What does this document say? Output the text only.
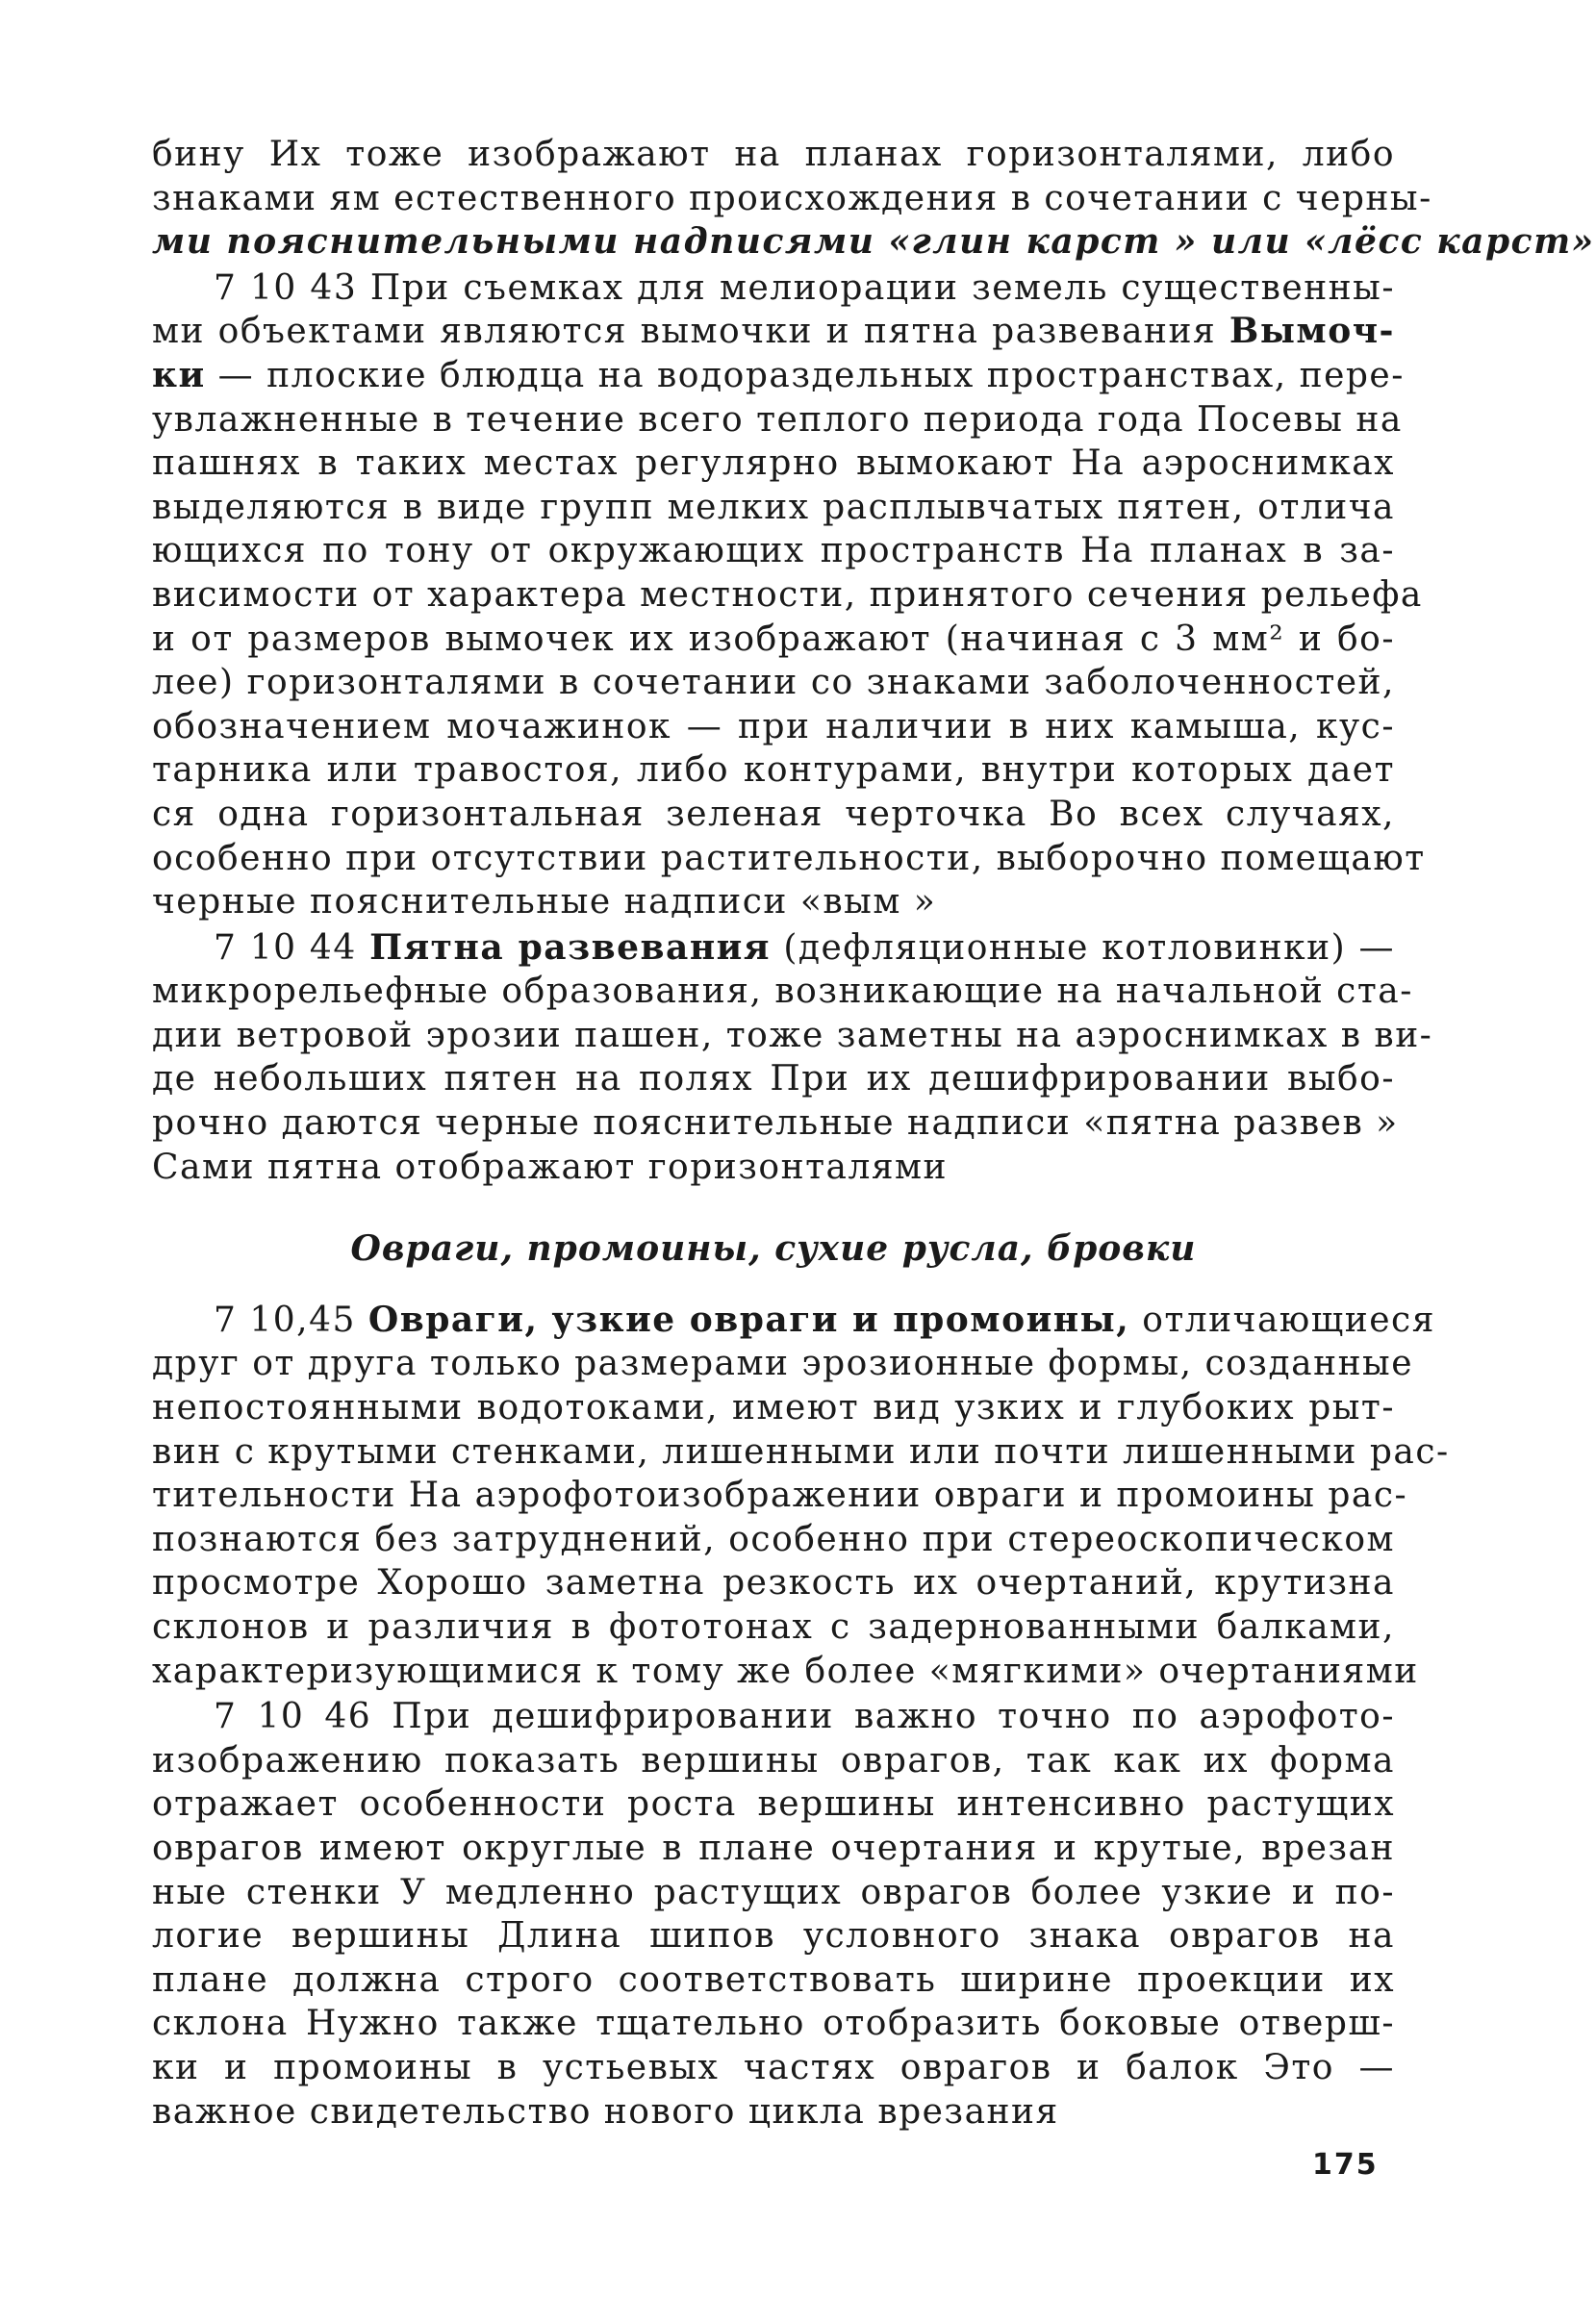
бину Их тоже изображают на планах горизонталями, либо
знаками ям естественного происхождения в сочетании с черны-
ми пояснительными надписями «глин карст » или «лёсс карст»
7 10 43 При съемках для мелиорации земель существенны-
ми объектами являются вымочки и пятна развевания Вымоч-
ки — плоские блюдца на водораздельных пространствах, пере-
увлажненные в течение всего теплого периода года Посевы на
пашнях в таких местах регулярно вымокают На аэроснимках
выделяются в виде групп мелких расплывчатых пятен, отлича
ющихся по тону от окружающих пространств На планах в за-
висимости от характера местности, принятого сечения рельефа
и от размеров вымочек их изображают (начиная с 3 мм² и бо-
лее) горизонталями в сочетании со знаками заболоченностей,
обозначением мочажинок — при наличии в них камыша, кус-
тарника или травостоя, либо контурами, внутри которых дает
ся одна горизонтальная зеленая черточка Во всех случаях,
особенно при отсутствии растительности, выборочно помещают
черные пояснительные надписи «вым »
7 10 44 Пятна развевания (дефляционные котловинки) —
микрорельефные образования, возникающие на начальной ста-
дии ветровой эрозии пашен, тоже заметны на аэроснимках в ви-
де небольших пятен на полях При их дешифрировании выбо-
рочно даются черные пояснительные надписи «пятна развев »
Сами пятна отображают горизонталями
Овраги, промоины, сухие русла, бровки
7 10,45 Овраги, узкие овраги и промоины, отличающиеся
друг от друга только размерами эрозионные формы, созданные
непостоянными водотоками, имеют вид узких и глубоких рыт-
вин с крутыми стенками, лишенными или почти лишенными рас-
тительности На аэрофотоизображении овраги и промоины рас-
познаются без затруднений, особенно при стереоскопическом
просмотре Хорошо заметна резкость их очертаний, крутизна
склонов и различия в фототонах с задернованными балками,
характеризующимися к тому же более «мягкими» очертаниями
7 10 46 При дешифрировании важно точно по аэрофото-
изображению показать вершины оврагов, так как их форма
отражает особенности роста вершины интенсивно растущих
оврагов имеют округлые в плане очертания и крутые, врезан
ные стенки У медленно растущих оврагов более узкие и по-
логие вершины Длина шипов условного знака оврагов на
плане должна строго соответствовать ширине проекции их
склона Нужно также тщательно отобразить боковые отверш-
ки и промоины в устьевых частях оврагов и балок Это —
важное свидетельство нового цикла врезания
175
